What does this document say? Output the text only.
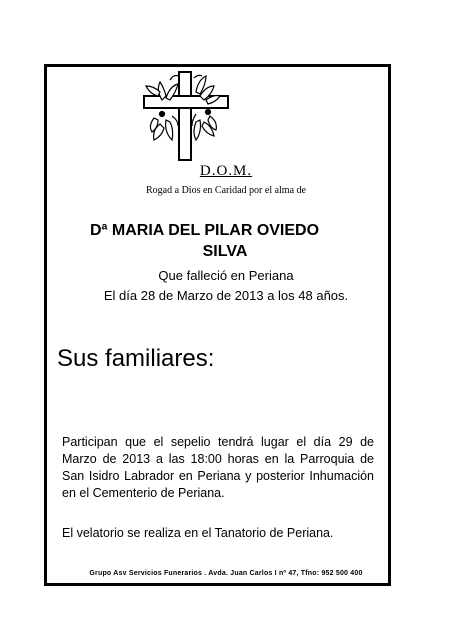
D.O.M.
Rogad a Dios en Caridad por el alma de
Dª MARIA DEL PILAR OVIEDO
SILVA
Que falleció en Periana
El día 28 de Marzo de 2013 a los 48 años.
Sus familiares:
Participan que el sepelio tendrá lugar el día 29 de Marzo de 2013 a las 18:00 horas en la Parroquia de San Isidro Labrador en Periana y posterior Inhumación en el Cementerio de Periana.
El velatorio se realiza en el Tanatorio de Periana.
Grupo Asv Servicios Funerarios . Avda. Juan Carlos I nº 47, Tfno: 952 500 400
